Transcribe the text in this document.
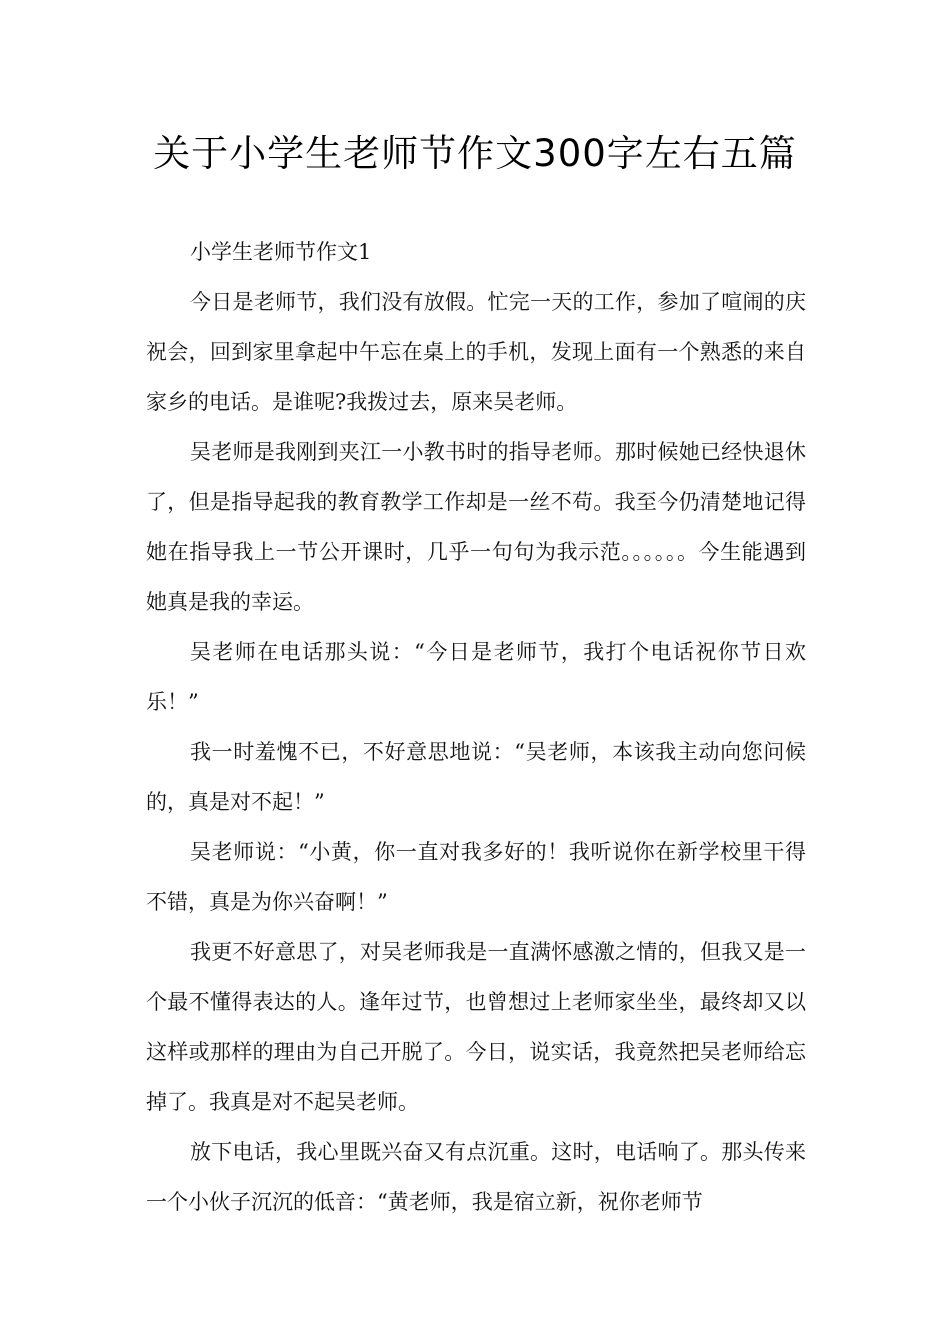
关于小学生老师节作文300字左右五篇

小学生老师节作文1

今日是老师节，我们没有放假。忙完一天的工作，参加了喧闹的庆祝会，回到家里拿起中午忘在桌上的手机，发现上面有一个熟悉的来自家乡的电话。是谁呢?我拨过去，原来吴老师。

吴老师是我刚到夹江一小教书时的指导老师。那时候她已经快退休了，但是指导起我的教育教学工作却是一丝不苟。我至今仍清楚地记得她在指导我上一节公开课时，几乎一句句为我示范。。。。。。今生能遇到她真是我的幸运。

吴老师在电话那头说：“今日是老师节，我打个电话祝你节日欢乐！”

我一时羞愧不已，不好意思地说：“吴老师，本该我主动向您问候的，真是对不起！”

吴老师说：“小黄，你一直对我多好的！我听说你在新学校里干得不错，真是为你兴奋啊！”

我更不好意思了，对吴老师我是一直满怀感激之情的，但我又是一个最不懂得表达的人。逢年过节，也曾想过上老师家坐坐，最终却又以这样或那样的理由为自己开脱了。今日，说实话，我竟然把吴老师给忘掉了。我真是对不起吴老师。

放下电话，我心里既兴奋又有点沉重。这时，电话响了。那头传来一个小伙子沉沉的低音：“黄老师，我是宿立新，祝你老师节
